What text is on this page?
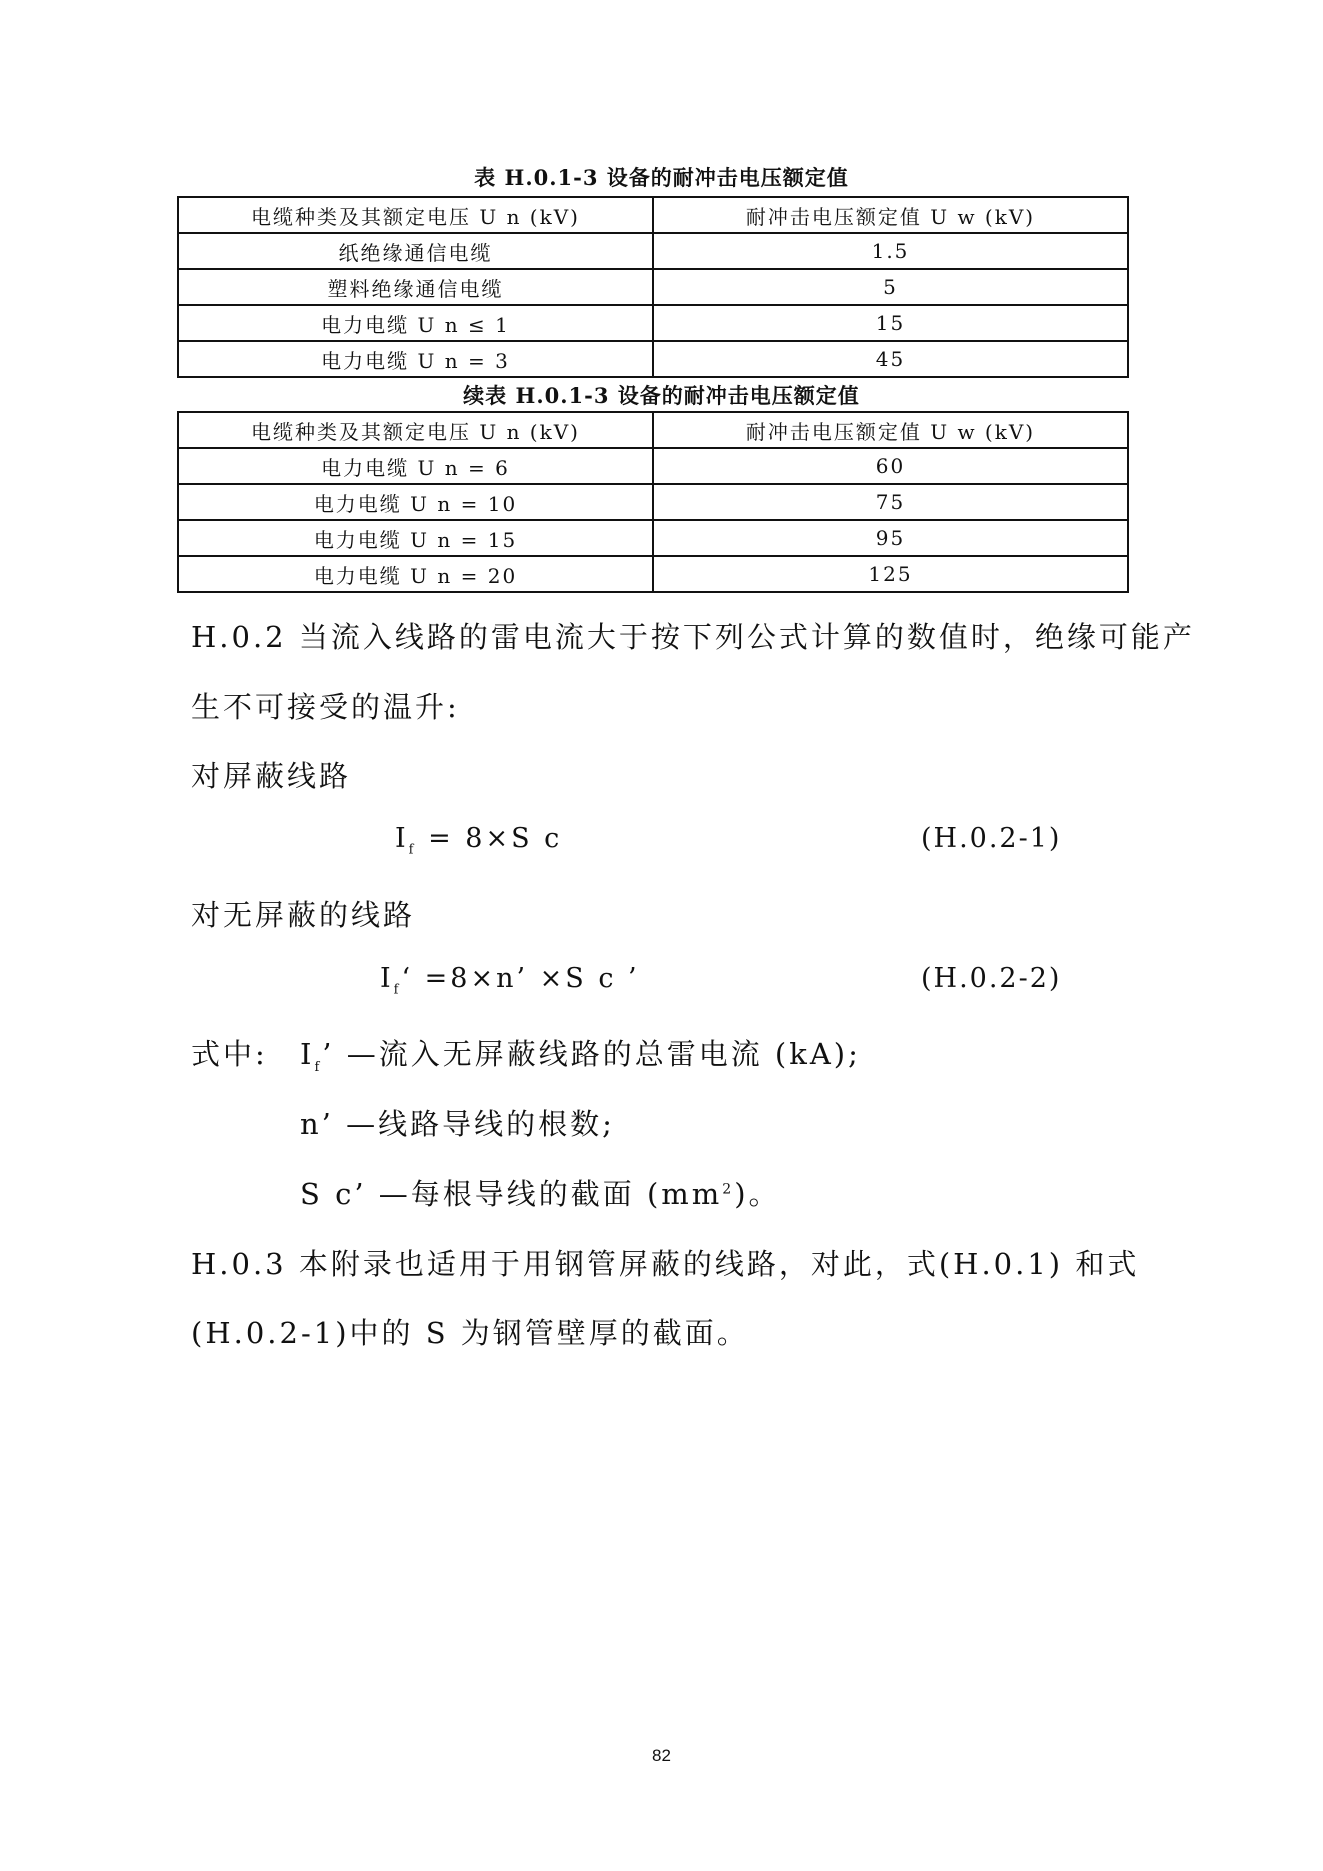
表 H.0.1-3 设备的耐冲击电压额定值
电缆种类及其额定电压 U n (kV)	耐冲击电压额定值 U w (kV)
纸绝缘通信电缆	1.5
塑料绝缘通信电缆	5
电力电缆 U n ≤ 1	15
电力电缆 U n = 3	45
续表 H.0.1-3 设备的耐冲击电压额定值
电缆种类及其额定电压 U n (kV)	耐冲击电压额定值 U w (kV)
电力电缆 U n = 6	60
电力电缆 U n = 10	75
电力电缆 U n = 15	95
电力电缆 U n = 20	125
H.0.2 当流入线路的雷电流大于按下列公式计算的数值时，绝缘可能产
生不可接受的温升:
对屏蔽线路
$I_f = 8\times S$ c	(H.0.2-1)
对无屏蔽的线路
$I_f‘ =8\times n$’ ×S c ’	(H.0.2-2)
式中: $I_f$’ —流入无屏蔽线路的总雷电流 (kA);
n’ —线路导线的根数;
S c’ —每根导线的截面 $(mm^2)$。
H.0.3 本附录也适用于用钢管屏蔽的线路，对此，式(H.0.1) 和式
(H.0.2-1)中的 S 为钢管壁厚的截面。
82
